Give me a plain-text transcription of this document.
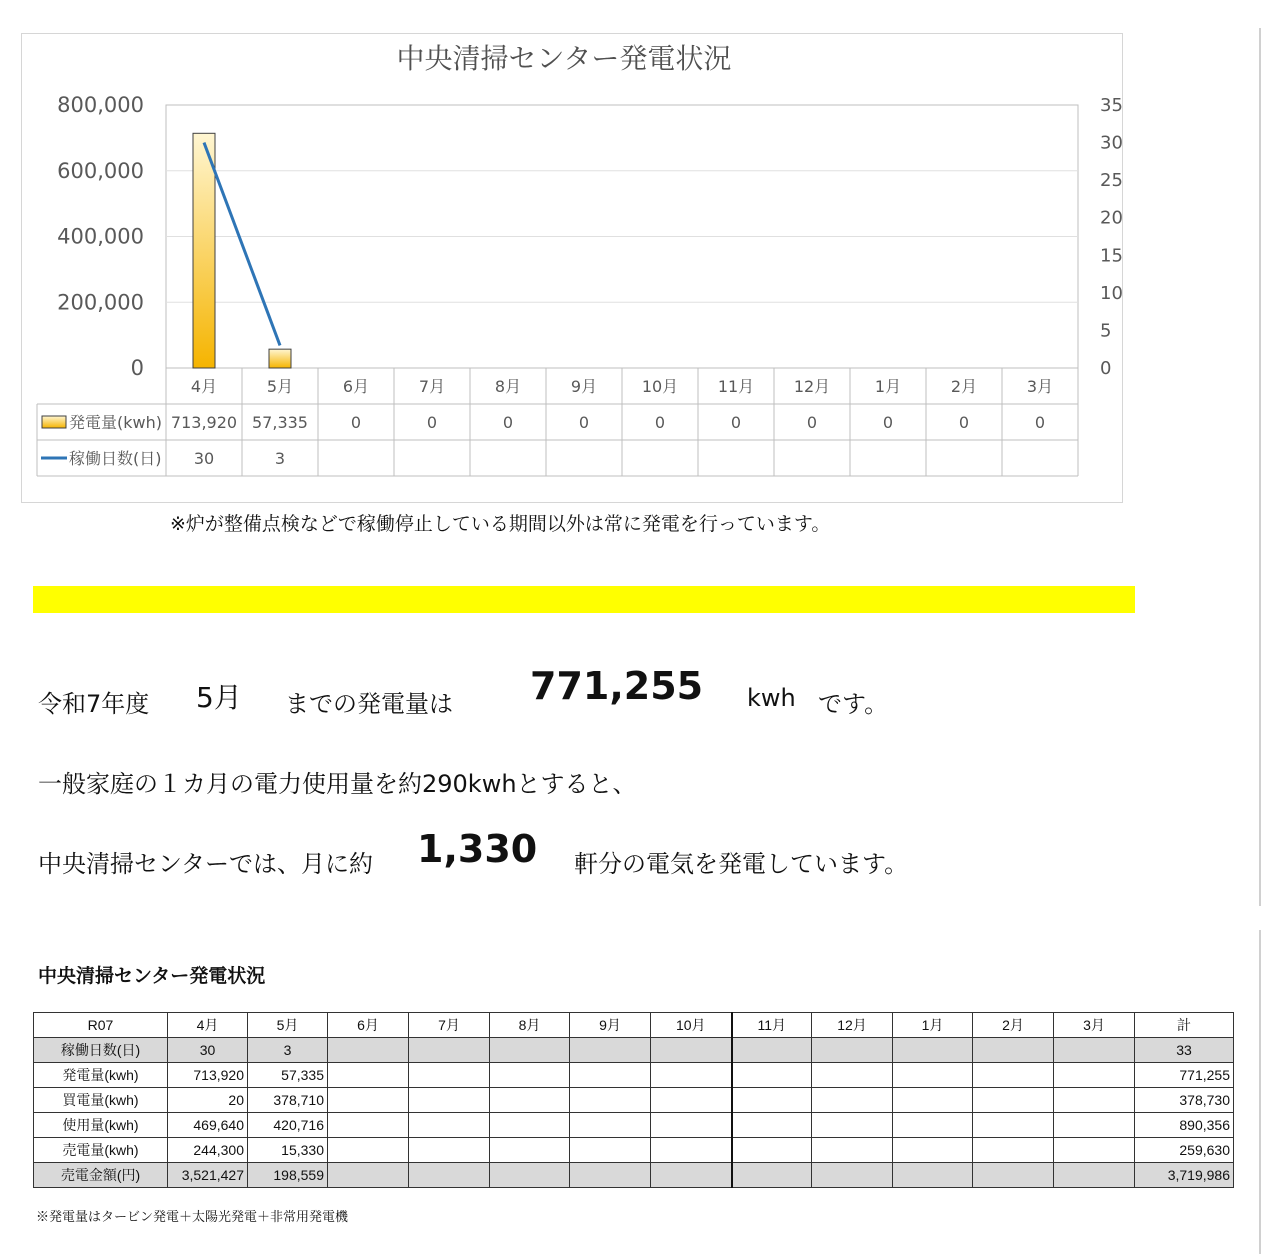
中央清掃センター発電状況
0
200,000
400,000
600,000
800,000
0
5
10
15
20
25
30
35
4月	5月	6月	7月	8月	9月	10月 11月 12月	1月	2月	3月
発電量(kwh) 713,920 57,335	0	0	0	0	0	0	0	0	0	0
稼働日数(日) 30	3
※炉が整備点検などで稼働停止している期間以外は常に発電を行っています。
令和7年度 5月 までの発電量は 771,255 kwh です。
一般家庭の１カ月の電力使用量を約290kwhとすると、
中央清掃センターでは、月に約 1,330 軒分の電気を発電しています。
中央清掃センター発電状況
R07	4月	5月	6月	7月	8月	9月	10月	11月	12月	1月	2月	3月	計
稼働日数(日)	30	3											33
発電量(kwh)	713,920	57,335											771,255
買電量(kwh)	20	378,710											378,730
使用量(kwh)	469,640	420,716											890,356
売電量(kwh)	244,300	15,330											259,630
売電金額(円)	3,521,427	198,559											3,719,986
※発電量はタービン発電＋太陽光発電＋非常用発電機
